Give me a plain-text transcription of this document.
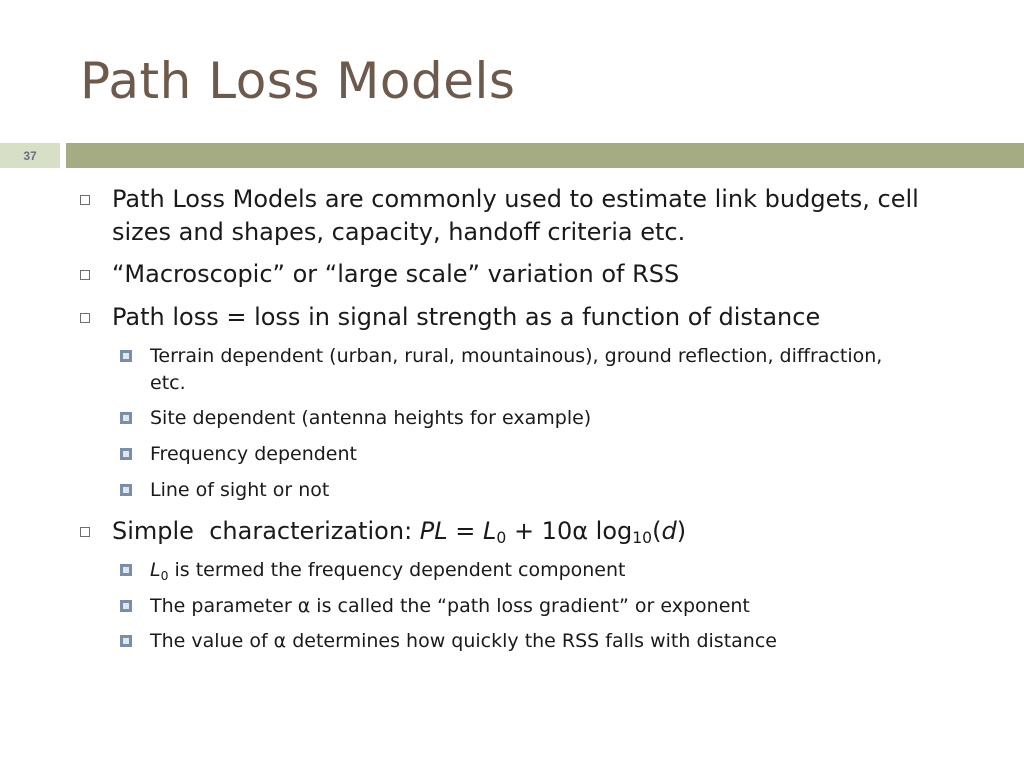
Path Loss Models
37
Path Loss Models are commonly used to estimate link budgets, cell sizes and shapes, capacity, handoff criteria etc.
“Macroscopic” or “large scale” variation of RSS
Path loss = loss in signal strength as a function of distance
Terrain dependent (urban, rural, mountainous), ground reflection, diffraction, etc.
Site dependent (antenna heights for example)
Frequency dependent
Line of sight or not
Simple  characterization: PL = $L_0 + 10\alpha$ $\log_{10}(d)$
$L_0$ is termed the frequency dependent component
The parameter α is called the “path loss gradient” or exponent
The value of α determines how quickly the RSS falls with distance
